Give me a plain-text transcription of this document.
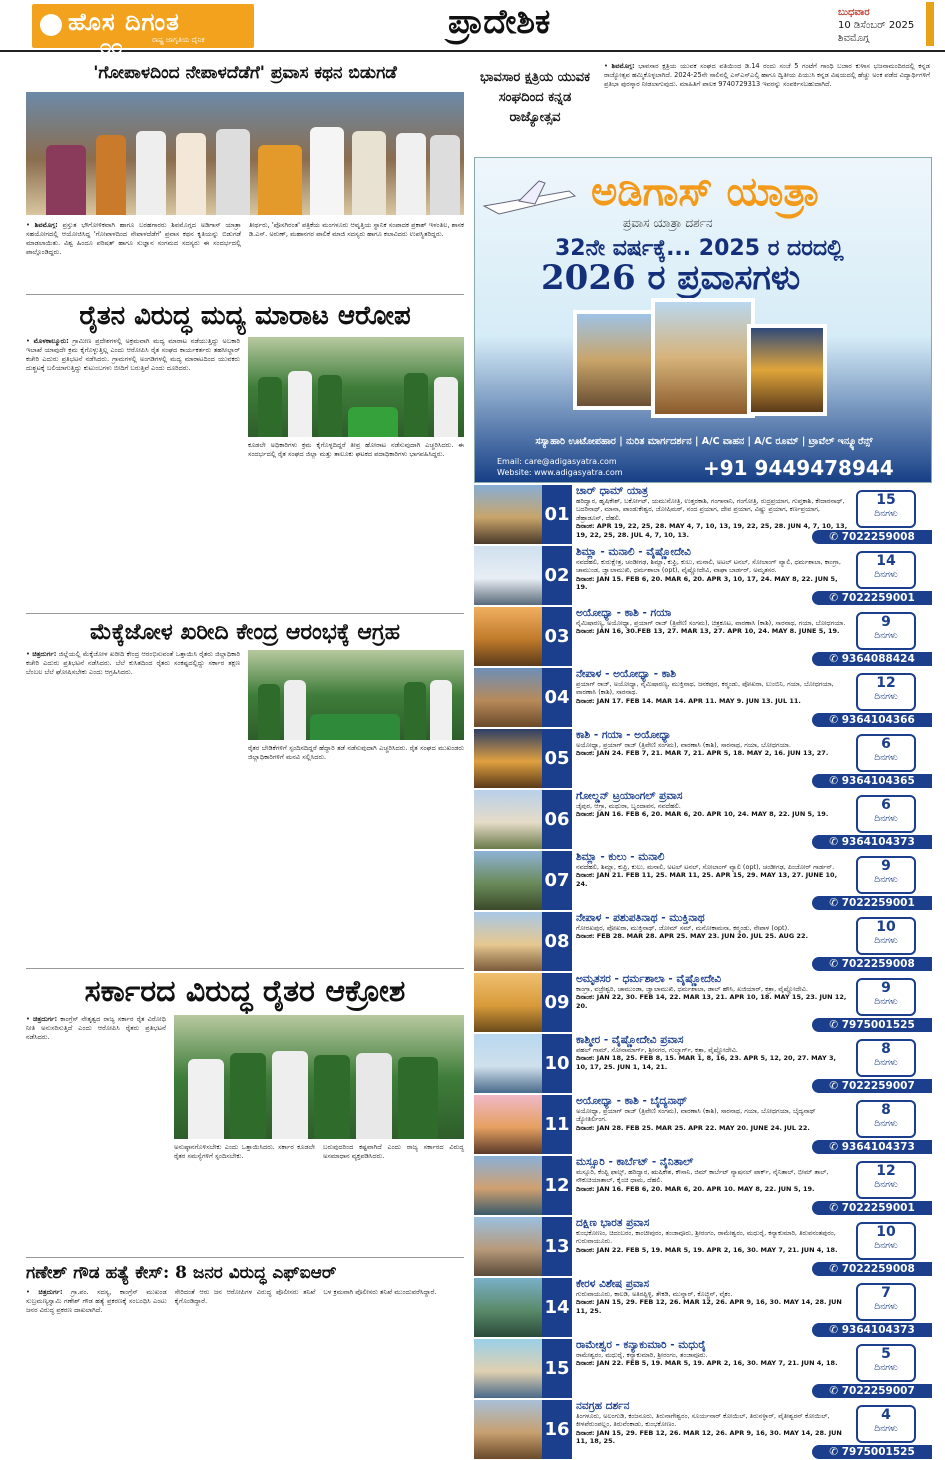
ಹೊಸ ದಿಗಂತ
೧೧	ರಾಷ್ಟ್ರ ಜಾಗೃತಿಯ ದೈನಿಕ	ಪ್ರಾದೇಶಿಕ	ಬುಧವಾರ
10 ಡಿಸೆಂಬರ್ 2025
ಶಿವಮೊಗ್ಗ
'ಗೋಪಾಳದಿಂದ ನೇಪಾಳದೆಡೆಗೆ' ಪ್ರವಾಸ ಕಥನ ಬಿಡುಗಡೆ
• ಶಿವಮೊಗ್ಗ: ಪ್ರಸ್ತುತ ಭೌಗೋಳಿಕವಾಗಿ ಹಾಗೂ ಬರಹಗಾರರು ಶಿವಮೊಗ್ಗದ ಅಡಿಗಾಸ್ ಯಾತ್ರಾ ಸಹಯೋಗದಲ್ಲಿ ಆಯೋಜಿಸಿದ್ದ 'ಗೋಪಾಳದಿಂದ ನೇಪಾಳದೆಡೆಗೆ' ಪ್ರವಾಸ ಕಥನ ಕೃತಿಯನ್ನು ಬಿಡುಗಡೆ ಮಾಡಲಾಯಿತು. ವಿಶ್ವ ಹಿಂದೂ ಪರಿಷತ್ ಹಾಗೂ ಸುಜ್ಞಾನ ಸಂಗಮದ ಸದಸ್ಯರು ಈ ಸಂದರ್ಭದಲ್ಲಿ ಪಾಲ್ಗೊಂಡಿದ್ದರು.
ತೀರ್ಥರು, 'ಪೊಸಗಿರಂತ' ಪತ್ರಿಕೆಯ ಮಂಗಳೂರು ಆವೃತ್ತಿಯ ಸ್ಥಾನಿಕ ಸಂಪಾದಕ ಪ್ರಕಾಶ್ ಇಳಂತಿಲ, ಶಾಸಕ ಡಿ.ಎಸ್. ಅರುಣ್, ಮಹಾನಗರ ಪಾಲಿಕೆ ಮಾಜಿ ಸದಸ್ಯರು ಹಾಗೂ ಕಲಾವಿದರು ಉಪಸ್ಥಿತರಿದ್ದರು.
ರೈತನ ವಿರುದ್ಧ ಮದ್ಯ ಮಾರಾಟ ಆರೋಪ
• ಮೊಳಕಾಲ್ಮೂರು: ಗ್ರಾಮೀಣ ಪ್ರದೇಶಗಳಲ್ಲಿ ಅಕ್ರಮವಾಗಿ ಮದ್ಯ ಮಾರಾಟ ನಡೆಯುತ್ತಿದ್ದು ಅಬಕಾರಿ ಇಲಾಖೆ ಯಾವುದೇ ಕ್ರಮ ಕೈಗೊಳ್ಳುತ್ತಿಲ್ಲ ಎಂದು ಆರೋಪಿಸಿ ರೈತ ಸಂಘದ ಕಾರ್ಯಕರ್ತರು ತಹಸೀಲ್ದಾರ್ ಕಚೇರಿ ಎದುರು ಪ್ರತಿಭಟನೆ ನಡೆಸಿದರು. ಗ್ರಾಮಗಳಲ್ಲಿ ಅಂಗಡಿಗಳಲ್ಲಿ ಮದ್ಯ ಮಾರಾಟದಿಂದ ಯುವಕರು ದುಶ್ಚಟಕ್ಕೆ ಬಲಿಯಾಗುತ್ತಿದ್ದು ಕುಟುಂಬಗಳು ಬೀದಿಗೆ ಬರುತ್ತಿವೆ ಎಂದು ದೂರಿದರು.
ಕೂಡಲೇ ಅಧಿಕಾರಿಗಳು ಕ್ರಮ ಕೈಗೊಳ್ಳದಿದ್ದರೆ ತೀವ್ರ ಹೋರಾಟ ನಡೆಸುವುದಾಗಿ ಎಚ್ಚರಿಸಿದರು. ಈ ಸಂದರ್ಭದಲ್ಲಿ ರೈತ ಸಂಘದ ಜಿಲ್ಲಾ ಮತ್ತು ತಾಲೂಕು ಘಟಕದ ಪದಾಧಿಕಾರಿಗಳು ಭಾಗವಹಿಸಿದ್ದರು.
ಮೆಕ್ಕೆಜೋಳ ಖರೀದಿ ಕೇಂದ್ರ ಆರಂಭಕ್ಕೆ ಆಗ್ರಹ
• ಚಿತ್ರದುರ್ಗ: ಜಿಲ್ಲೆಯಲ್ಲಿ ಮೆಕ್ಕೆಜೋಳ ಖರೀದಿ ಕೇಂದ್ರ ಆರಂಭಿಸುವಂತೆ ಒತ್ತಾಯಿಸಿ ರೈತರು ಜಿಲ್ಲಾಧಿಕಾರಿ ಕಚೇರಿ ಎದುರು ಪ್ರತಿಭಟನೆ ನಡೆಸಿದರು. ಬೆಲೆ ಕುಸಿತದಿಂದ ರೈತರು ಸಂಕಷ್ಟದಲ್ಲಿದ್ದು ಸರ್ಕಾರ ತಕ್ಷಣ ಬೆಂಬಲ ಬೆಲೆ ಘೋಷಿಸಬೇಕು ಎಂದು ಆಗ್ರಹಿಸಿದರು.
ರೈತರ ಬೇಡಿಕೆಗಳಿಗೆ ಸ್ಪಂದಿಸದಿದ್ದರೆ ಹೆದ್ದಾರಿ ತಡೆ ನಡೆಸುವುದಾಗಿ ಎಚ್ಚರಿಸಿದರು. ರೈತ ಸಂಘದ ಮುಖಂಡರು ಜಿಲ್ಲಾಧಿಕಾರಿಗಳಿಗೆ ಮನವಿ ಸಲ್ಲಿಸಿದರು.
ಸರ್ಕಾರದ ವಿರುದ್ಧ ರೈತರ ಆಕ್ರೋಶ
• ಚಿತ್ರದುರ್ಗ: ಕಾಂಗ್ರೆಸ್ ನೇತೃತ್ವದ ರಾಜ್ಯ ಸರ್ಕಾರ ರೈತ ವಿರೋಧಿ ನೀತಿ ಅನುಸರಿಸುತ್ತಿದೆ ಎಂದು ಆರೋಪಿಸಿ ರೈತರು ಪ್ರತಿಭಟನೆ ನಡೆಸಿದರು.
ಅನುಷ್ಠಾನಗೊಳಿಸಬೇಕು ಎಂದು ಒತ್ತಾಯಿಸಿದರು. ಸರ್ಕಾರ ಕೂಡಲೇ ರೈತರ ಸಮಸ್ಯೆಗಳಿಗೆ ಸ್ಪಂದಿಸಬೇಕು.
ಬರುವುದರಿಂದ ಕಷ್ಟವಾಗಿದೆ ಎಂದು ರಾಜ್ಯ ಸರ್ಕಾರದ ವಿರುದ್ಧ ಅಸಮಾಧಾನ ವ್ಯಕ್ತಪಡಿಸಿದರು.
ಗಣೇಶ್ ಗೌಡ ಹತ್ಯೆ ಕೇಸ್: 8 ಜನರ ವಿರುದ್ಧ ಎಫ್ಐಆರ್
• ಚಿತ್ರದುರ್ಗ: ಗ್ರಾ.ಪಂ. ಸದಸ್ಯ, ಕಾಂಗ್ರೆಸ್ ಮುಖಂಡ ಸುಬ್ರಮಣ್ಯಸ್ವಾಮಿ ಗಣೇಶ್ ಗೌಡ ಹತ್ಯೆ ಪ್ರಕರಣಕ್ಕೆ ಸಂಬಂಧಿಸಿ ಎಂಟು ಜನರ ವಿರುದ್ಧ ಪ್ರಕರಣ ದಾಖಲಾಗಿದೆ.
ಸೇರಿದಂತೆ ಆರು ಜನ ಆರೋಪಿಗಳ ವಿರುದ್ಧ ಪೊಲೀಸರು ತನಿಖೆ ಕೈಗೊಂಡಿದ್ದಾರೆ.
ಬಳ ಕ್ರಮವಾಗಿ ಪೊಲೀಸರು ತನಿಖೆ ಮುಂದುವರೆಸಿದ್ದಾರೆ.
ಭಾವಸಾರ ಕ್ಷತ್ರಿಯ ಯುವಕ ಸಂಘದಿಂದ ಕನ್ನಡ ರಾಜ್ಯೋತ್ಸವ
• ಶಿವಮೊಗ್ಗ: ಭಾವಸಾರ ಕ್ಷತ್ರಿಯ ಯುವಕ ಸಂಘದ ವತಿಯಿಂದ ಡಿ.14 ರಂದು ಸಂಜೆ 5 ಗಂಟೆಗೆ ಗಾಂಧಿ ಬಜಾರ ಕುಳಾಸ ಭಜನಾಮಂದಿರದಲ್ಲಿ ಕನ್ನಡ ರಾಜ್ಯೋತ್ಸವ ಹಮ್ಮಿಕೊಳ್ಳಲಾಗಿದೆ. 2024-25ನೇ ಸಾಲಿನಲ್ಲಿ ಎಸ್ಎಸ್ಎಲ್ಸಿ ಹಾಗೂ ದ್ವಿತೀಯ ಪಿಯುಸಿ ಕನ್ನಡ ವಿಷಯದಲ್ಲಿ ಹೆಚ್ಚು ಅಂಕ ಪಡೆದ ವಿದ್ಯಾರ್ಥಿಗಳಿಗೆ ಪ್ರತಿಭಾ ಪುರಸ್ಕಾರ ನೀಡಲಾಗುವುದು. ಮಾಹಿತಿಗೆ ಪಾಲಕ 9740729313 ಇವರನ್ನು ಸಂಪರ್ಕಿಸಬಹುದಾಗಿದೆ.
ಅಡಿಗಾಸ್ ಯಾತ್ರಾ
ಪ್ರವಾಸ ಯಾತ್ರಾ ದರ್ಶನ
32ನೇ ವರ್ಷಕ್ಕೆ... 2025 ರ ದರದಲ್ಲಿ
2026 ರ ಪ್ರವಾಸಗಳು
ಸಸ್ಯಾಹಾರಿ ಊಟೋಪಹಾರ | ನುರಿತ ಮಾರ್ಗದರ್ಶನ | A/C ವಾಹನ | A/C ರೂಮ್ | ಟ್ರಾವೆಲ್ ಇನ್ಶ್ಯೂರೆನ್ಸ್
Email: care@adigasyatra.com
Website: www.adigasyatra.com	+91 9449478944
01
ಚಾರ್ ಧಾಮ್ ಯಾತ್ರ
ಹರಿದ್ವಾರ, ಹೃಷಿಕೇಶ್, ಬರ್ಕೋಟ್, ಯಮುನೋತ್ರಿ, ಉತ್ತರಕಾಶಿ, ಗಂಗಾನಾನಿ, ಗಂಗೋತ್ರಿ, ರುದ್ರಪ್ರಯಾಗ, ಗುಪ್ತಕಾಶಿ, ಕೇದಾರನಾಥ್, ಬದರಿನಾಥ್, ಮಾನಾ, ಪಾಂಡುಕೇಶ್ವರ, ಜೋಷಿಮಠ್, ನಂದ ಪ್ರಯಾಗ, ದೇವ ಪ್ರಯಾಗ, ವಿಷ್ಣು ಪ್ರಯಾಗ, ಕರ್ಣಪ್ರಯಾಗ, ಡೆಹ್ರಾಡೂನ್, ದೆಹಲಿ.
ದಿನಾಂಕ: APR 19, 22, 25, 28. MAY 4, 7, 10, 13, 19, 22, 25, 28. JUN 4, 7, 10, 13, 19, 22, 25, 28. JUL 4, 7, 10, 13.
15
ದಿನಗಳು
✆ 7022259008
02
ಶಿಮ್ಲಾ - ಮನಾಲಿ - ವೈಷ್ಣೋದೇವಿ
ನವದೆಹಲಿ, ಕುರುಕ್ಷೇತ್ರ, ಚಂಡೀಗಢ, ಶಿಮ್ಲಾ, ಕುಫ್ರಿ, ಕುಲು, ಮನಾಲಿ, ಅಟಲ್ ಟನಲ್, ಸೋಲಾಂಗ್ ವ್ಯಾಲಿ, ಧರ್ಮಶಾಲಾ, ಕಾಂಗ್ರಾ, ಚಾಮುಂಡ, ಜ್ವಾಲಾಮುಖಿ, ಧರ್ಮಶಾಲಾ (opt), ವೈಷ್ಣೋದೇವಿ, ವಾಘಾ ಬಾರ್ಡರ್, ಅಮೃತಸರ.
ದಿನಾಂಕ: JAN 15. FEB 6, 20. MAR 6, 20. APR 3, 10, 17, 24. MAY 8, 22. JUN 5, 19.
14
ದಿನಗಳು
✆ 7022259001
03
ಅಯೋಧ್ಯಾ - ಕಾಶಿ - ಗಯಾ
ನೈಮಿಷಾರಣ್ಯ, ಅಯೋಧ್ಯಾ, ಪ್ರಯಾಗ್ ರಾಜ್ (ತ್ರಿವೇಣಿ ಸಂಗಮ), ಚಿತ್ರಕೂಟ, ವಾರಣಾಸಿ (ಕಾಶಿ), ಸಾರನಾಥ, ಗಯಾ, ಬೋಧಗಯಾ.
ದಿನಾಂಕ: JAN 16, 30.FEB 13, 27. MAR 13, 27. APR 10, 24. MAY 8. JUNE 5, 19.
9
ದಿನಗಳು
✆ 9364088424
04
ನೇಪಾಳ - ಅಯೋಧ್ಯಾ - ಕಾಶಿ
ಪ್ರಯಾಗ್ ರಾಜ್, ಅಯೋಧ್ಯಾ, ನೈಮಿಷಾರಣ್ಯ, ಮುಕ್ತಿನಾಥ, ಜನಕಪುರ, ಕಠ್ಮಂಡು, ಪೋಖರಾ, ಲುಂಬಿನಿ, ಗಯಾ, ಬೋಧಗಯಾ, ವಾರಣಾಸಿ (ಕಾಶಿ), ಸಾರನಾಥ.
ದಿನಾಂಕ: JAN 17. FEB 14. MAR 14. APR 11. MAY 9. JUN 13. JUL 11.
12
ದಿನಗಳು
✆ 9364104366
05
ಕಾಶಿ - ಗಯಾ - ಅಯೋಧ್ಯಾ
ಅಯೋಧ್ಯಾ, ಪ್ರಯಾಗ್ ರಾಜ್ (ತ್ರಿವೇಣಿ ಸಂಗಮ), ವಾರಣಾಸಿ (ಕಾಶಿ), ಸಾರನಾಥ, ಗಯಾ, ಬೋಧಗಯಾ.
ದಿನಾಂಕ: JAN 24. FEB 7, 21. MAR 7, 21. APR 5, 18. MAY 2, 16. JUN 13, 27.
6
ದಿನಗಳು
✆ 9364104365
06
ಗೋಲ್ಡನ್ ಟ್ರಯಾಂಗಲ್ ಪ್ರವಾಸ
ಜೈಪುರ, ಆಗ್ರಾ, ಮಥುರಾ, ಬೃಂದಾವನ, ನವದೆಹಲಿ.
ದಿನಾಂಕ: JAN 16. FEB 6, 20. MAR 6, 20. APR 10, 24. MAY 8, 22. JUN 5, 19.
6
ದಿನಗಳು
✆ 9364104373
07
ಶಿಮ್ಲಾ - ಕುಲು - ಮನಾಲಿ
ನವದೆಹಲಿ, ಶಿಮ್ಲಾ, ಕುಫ್ರಿ, ಕುಲು, ಮನಾಲಿ, ಅಟಲ್ ಟನಲ್, ಸೋಲಾಂಗ್ ವ್ಯಾಲಿ (opt), ಚಂಡೀಗಢ, ಪಿಂಜೋರ್ ಗಾರ್ಡನ್.
ದಿನಾಂಕ: JAN 21. FEB 11, 25. MAR 11, 25. APR 15, 29. MAY 13, 27. JUNE 10, 24.
9
ದಿನಗಳು
✆ 7022259001
08
ನೇಪಾಳ - ಪಶುಪತಿನಾಥ - ಮುಕ್ತಿನಾಥ
ಗೋರಖಪುರ, ಪೋಖರಾ, ಮುಕ್ತಿನಾಥ್, ಜೋಮ್ ಸಮ್, ಮನೋಕಾಮನಾ, ಕಠ್ಮಂಡು, ನೇಪಾಳ (opt).
ದಿನಾಂಕ: FEB 28. MAR 28. APR 25. MAY 23. JUN 20. JUL 25. AUG 22.
10
ದಿನಗಳು
✆ 7022259008
09
ಅಮೃತಸರ - ಧರ್ಮಶಾಲಾ - ವೈಷ್ಣೋದೇವಿ
ಕಾಂಗ್ರಾ, ವಜ್ರೇಶ್ವರಿ, ಚಾಮುಂಡಾ, ಜ್ವಾಲಾಮುಖಿ, ಧರ್ಮಶಾಲಾ, ಡಾಲ್ ಹೌಸಿ, ಖಜಿಯಾರ್, ಕತ್ರಾ, ವೈಷ್ಣೋದೇವಿ.
ದಿನಾಂಕ: JAN 22, 30. FEB 14, 22. MAR 13, 21. APR 10, 18. MAY 15, 23. JUN 12, 20.
9
ದಿನಗಳು
✆ 7975001525
10
ಕಾಶ್ಮೀರ - ವೈಷ್ಣೋದೇವಿ ಪ್ರವಾಸ
ಪಹಲ್ ಗಾಮ್, ಸೋನಾಮಾರ್ಗ್, ಶ್ರೀನಗರ, ಗುಲ್ಮಾರ್ಗ್, ಕತ್ರಾ, ವೈಷ್ಣೋದೇವಿ.
ದಿನಾಂಕ: JAN 18, 25. FEB 8, 15. MAR 1, 8, 16, 23. APR 5, 12, 20, 27. MAY 3, 10, 17, 25. JUN 1, 14, 21.
8
ದಿನಗಳು
✆ 7022259007
11
ಅಯೋಧ್ಯಾ - ಕಾಶಿ - ಬೈದ್ಯನಾಥ್
ಅಯೋಧ್ಯಾ, ಪ್ರಯಾಗ್ ರಾಜ್ (ತ್ರಿವೇಣಿ ಸಂಗಮ), ವಾರಣಾಸಿ (ಕಾಶಿ), ಸಾರನಾಥ, ಗಯಾ, ಬೋಧಗಯಾ, ಬೈದ್ಯನಾಥ್ ಜ್ಯೋತಿರ್ಲಿಂಗ.
ದಿನಾಂಕ: JAN 28. FEB 25. MAR 25. APR 22. MAY 20. JUNE 24. JUL 22.
8
ದಿನಗಳು
✆ 9364104373
12
ಮಸ್ಸೂರಿ - ಕಾರ್ಬೆಟ್ - ನೈನಿತಾಲ್
ಮಸ್ಸೂರಿ, ಕೆಂಪ್ಟಿ ಫಾಲ್ಸ್, ಹರಿದ್ವಾರ, ಋಷಿಕೇಶ, ಕೌಸಾನಿ, ಜಿಮ್ ಕಾರ್ಬೆಟ್ ನ್ಯಾಷನಲ್ ಪಾರ್ಕ್, ನೈನಿತಾಲ್, ಭೀಮ್ ತಾಲ್, ನೌಕುಚಿಯಾತಾಲ್, ಕೈಂಚಿ ಧಾಮ, ದೆಹಲಿ.
ದಿನಾಂಕ: JAN 16. FEB 6, 20. MAR 6, 20. APR 10. MAY 8, 22. JUN 5, 19.
12
ದಿನಗಳು
✆ 7022259001
13
ದಕ್ಷಿಣ ಭಾರತ ಪ್ರವಾಸ
ಕುಂಭಕೋಣಂ, ಚಿದಂಬರಂ, ಕಾಂಚೀಪುರಂ, ತಂಜಾವೂರು, ಶ್ರೀರಂಗಂ, ರಾಮೇಶ್ವರಂ, ಮಧುರೈ, ಕನ್ಯಾಕುಮಾರಿ, ತಿರುವನಂತಪುರಂ, ಗುರುವಾಯೂರು.
ದಿನಾಂಕ: JAN 22. FEB 5, 19. MAR 5, 19. APR 2, 16, 30. MAY 7, 21. JUN 4, 18.
10
ದಿನಗಳು
✆ 7022259008
14
ಕೇರಳ ವಿಶೇಷ ಪ್ರವಾಸ
ಗುರುವಾಯೂರು, ಕಾಲಡಿ, ಅತಿರಪ್ಪಿಳ್ಳಿ, ತೇಕಡಿ, ಮುನ್ನಾರ್, ಕೊಚ್ಚಿನ್, ವೈಕಂ.
ದಿನಾಂಕ: JAN 15, 29. FEB 12, 26. MAR 12, 26. APR 9, 16, 30. MAY 14, 28. JUN 11, 25.
7
ದಿನಗಳು
✆ 9364104373
15
ರಾಮೇಶ್ವರ - ಕನ್ಯಾಕುಮಾರಿ - ಮಧುರೈ
ರಾಮೇಶ್ವರಂ, ಮಧುರೈ, ಕನ್ಯಾಕುಮಾರಿ, ಶ್ರೀರಂಗಂ, ತಂಜಾವೂರು.
ದಿನಾಂಕ: JAN 22. FEB 5, 19. MAR 5, 19. APR 2, 16, 30. MAY 7, 21. JUN 4, 18.
5
ದಿನಗಳು
✆ 7022259007
16
ನವಗ್ರಹ ದರ್ಶನ
ತಿಂಗಳೂರು, ಅಲಂಗುಡಿ, ಕಂಜನೂರು, ತಿರುನಾಗೇಶ್ವರಂ, ಸೂರ್ಯನಾರ್ ಕೋಯಿಲ್, ತಿರುನಳ್ಳಾರ್, ವೈತೀಶ್ವರನ್ ಕೋಯಿಲ್, ಕೀಳಪೆರುಂಪಲ್ಲಂ, ತಿರುವೆಂಕಾಡು, ಕುಂಭಕೋಣಂ.
ದಿನಾಂಕ: JAN 15, 29. FEB 12, 26. MAR 12, 26. APR 9, 16, 30. MAY 14, 28. JUN 11, 18, 25.
4
ದಿನಗಳು
✆ 7975001525
